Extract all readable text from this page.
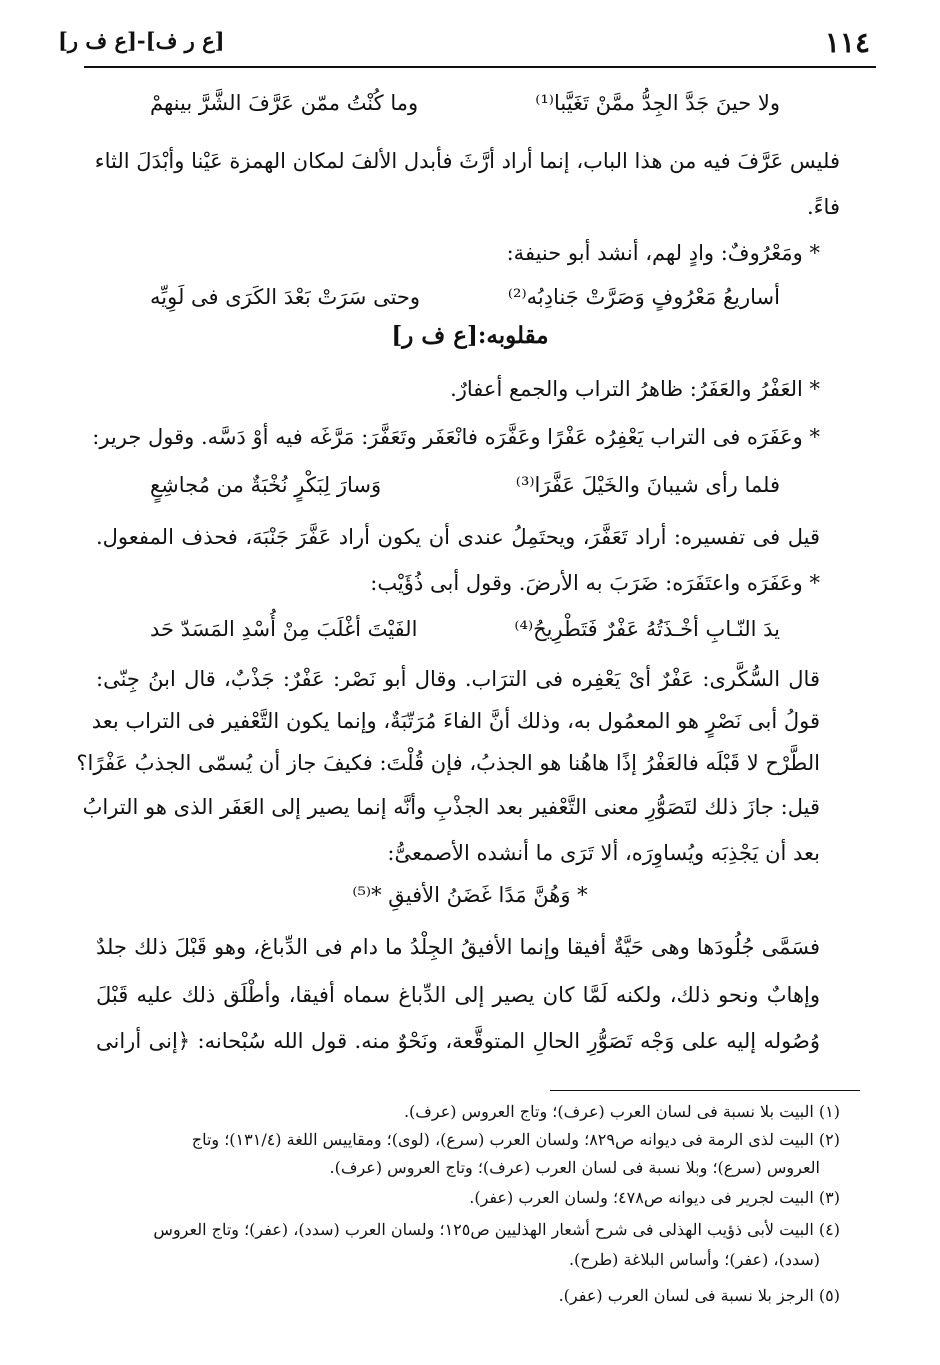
[ع ر ف]-[ع ف ر]	١١٤
وما كُنْتُ ممّن عَرَّفَ الشَّرَّ بينهمْ	ولا حينَ جَدَّ الجِدُّ ممَّنْ تَغَيَّبا⁽¹⁾
فليس عَرَّفَ فيه من هذا الباب، إنما أراد أرَّثَ فأبدل الألفَ لمكان الهمزة عَيْنا وأبْدَلَ الثاء
فاءً.
* ومَعْرُوفٌ: وادٍ لهم، أنشد أبو حنيفة:
وحتى سَرَتْ بَعْدَ الكَرَى فى لَوِيِّه	أساريعُ مَعْرُوفٍ وَصَرَّتْ جَنادِبُه⁽²⁾
مقلوبه:[ع ف ر]
* العَفْرُ والعَفَرُ: ظاهرُ التراب والجمع أعفارٌ.
* وعَفَرَه فى التراب يَعْفِرُه عَفْرًا وعَفَّرَه فانْعَفَر وتَعَفَّرَ: مَرَّغَه فيه أوْ دَسَّه. وقول جرير:
وَسارَ لِبَكْرٍ نُخْبَةٌ من مُجاشِعٍ	فلما رأى شيبانَ والخَيْلَ عَفَّرَا⁽³⁾
قيل فى تفسيره: أراد تَعَفَّرَ، ويحتَمِلُ عندى أن يكون أراد عَفَّرَ جَنْبَهَ، فحذف المفعول.
* وعَفَرَه واعتَفَرَه: ضَرَبَ به الأرضَ. وقول أبى ذُؤَيْب:
الفَيْتَ أغْلَبَ مِنْ أُسْدِ المَسَدّ حَد	يدَ النّـابِ أخْـذَتُهُ عَفْرٌ فَتَطْرِيحُ⁽⁴⁾
قال السُّكَّرى: عَفْرٌ أىْ يَعْفِره فى الترَاب. وقال أبو نَصْر: عَفْرٌ: جَذْبٌ، قال ابنُ جِنّى:
قولُ أبى نَصْرٍ هو المعمُول به، وذلك أنَّ الفاءَ مُرَتّبَةٌ، وإنما يكون التَّعْفير فى التراب بعد
الطَّرْح لا قَبْلَه فالعَفْرُ إذًا هاهُنا هو الجذبُ، فإن قُلْتَ: فكيفَ جاز أن يُسمّى الجذبُ عَفْرًا؟
قيل: جازَ ذلك لتَصَوُّرِ معنى التَّعْفير بعد الجذْبِ وأنَّه إنما يصير إلى العَفَر الذى هو الترابُ
بعد أن يَجْذِبَه ويُساوِرَه، ألا تَرَى ما أنشده الأصمعىُّ:
* وَهُنَّ مَدًا غَضَنُ الأفيقِ *⁽⁵⁾
فسَمَّى جُلُودَها وهى حَيَّةٌ أفيقا وإنما الأفيقُ الجِلْدُ ما دام فى الدِّباغ، وهو قَبْلَ ذلك جلدٌ
وإهابٌ ونحو ذلك، ولكنه لَمَّا كان يصير إلى الدِّباغ سماه أفيقا، وأطْلَق ذلك عليه قَبْلَ
وُصُوله إليه على وَجْه تَصَوُّرِ الحالِ المتوقَّعة، ونَحْوٌ منه. قول الله سُبْحانه: ﴿إنى أرانى
(١) البيت بلا نسبة فى لسان العرب (عرف)؛ وتاج العروس (عرف).
(٢) البيت لذى الرمة فى ديوانه ص٨٢٩؛ ولسان العرب (سرع)، (لوى)؛ ومقاييس اللغة (١٣١/٤)؛ وتاج
العروس (سرع)؛ وبلا نسبة فى لسان العرب (عرف)؛ وتاج العروس (عرف).
(٣) البيت لجرير فى ديوانه ص٤٧٨؛ ولسان العرب (عفر).
(٤) البيت لأبى ذؤيب الهذلى فى شرح أشعار الهذليين ص١٢٥؛ ولسان العرب (سدد)، (عفر)؛ وتاج العروس
(سدد)، (عفر)؛ وأساس البلاغة (طرح).
(٥) الرجز بلا نسبة فى لسان العرب (عفر).
